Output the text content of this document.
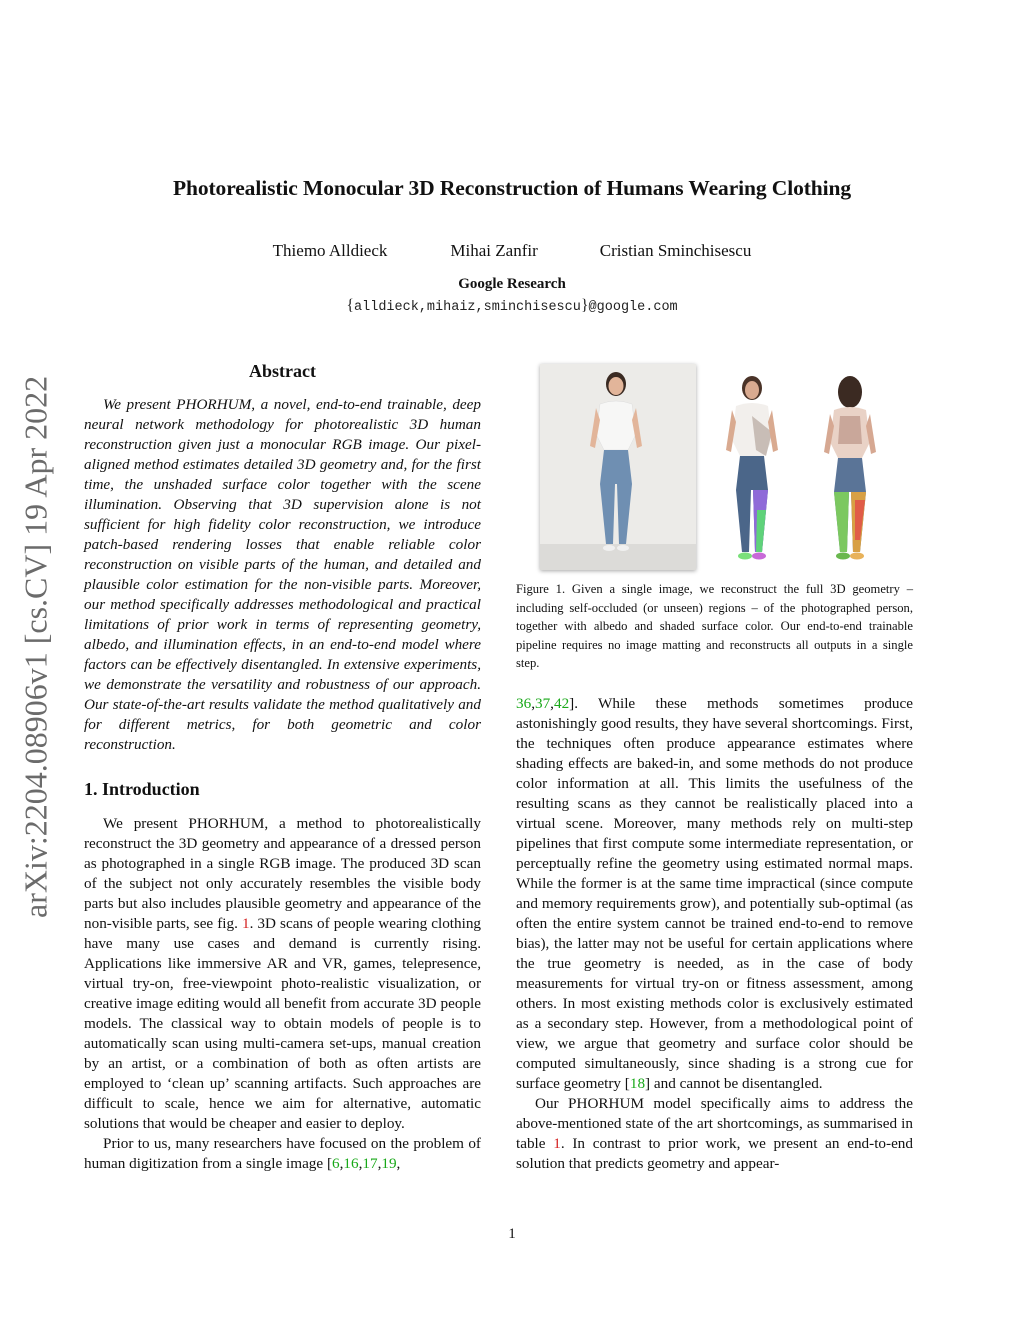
Photorealistic Monocular 3D Reconstruction of Humans Wearing Clothing
Thiemo Alldieck	Mihai Zanfir	Cristian Sminchisescu
Google Research
{alldieck,mihaiz,sminchisescu}@google.com
arXiv:2204.08906v1 [cs.CV] 19 Apr 2022
Abstract

We present PHORHUM, a novel, end-to-end trainable, deep neural network methodology for photorealistic 3D human reconstruction given just a monocular RGB image. Our pixel-aligned method estimates detailed 3D geometry and, for the first time, the unshaded surface color together with the scene illumination. Observing that 3D supervision alone is not sufficient for high fidelity color reconstruction, we introduce patch-based rendering losses that enable reliable color reconstruction on visible parts of the human, and detailed and plausible color estimation for the non-visible parts. Moreover, our method specifically addresses methodological and practical limitations of prior work in terms of representing geometry, albedo, and illumination effects, in an end-to-end model where factors can be effectively disentangled. In extensive experiments, we demonstrate the versatility and robustness of our approach. Our state-of-the-art results validate the method qualitatively and for different metrics, for both geometric and color reconstruction.

1. Introduction

We present PHORHUM, a method to photorealistically reconstruct the 3D geometry and appearance of a dressed person as photographed in a single RGB image. The produced 3D scan of the subject not only accurately resembles the visible body parts but also includes plausible geometry and appearance of the non-visible parts, see fig. 1. 3D scans of people wearing clothing have many use cases and demand is currently rising. Applications like immersive AR and VR, games, telepresence, virtual try-on, free-viewpoint photo-realistic visualization, or creative image editing would all benefit from accurate 3D people models. The classical way to obtain models of people is to automatically scan using multi-camera set-ups, manual creation by an artist, or a combination of both as often artists are employed to ‘clean up’ scanning artifacts. Such approaches are difficult to scale, hence we aim for alternative, automatic solutions that would be cheaper and easier to deploy.

Prior to us, many researchers have focused on the problem of human digitization from a single image [6,16,17,19,

Figure 1. Given a single image, we reconstruct the full 3D geometry – including self-occluded (or unseen) regions – of the photographed person, together with albedo and shaded surface color. Our end-to-end trainable pipeline requires no image matting and reconstructs all outputs in a single step.

36,37,42]. While these methods sometimes produce astonishingly good results, they have several shortcomings. First, the techniques often produce appearance estimates where shading effects are baked-in, and some methods do not produce color information at all. This limits the usefulness of the resulting scans as they cannot be realistically placed into a virtual scene. Moreover, many methods rely on multi-step pipelines that first compute some intermediate representation, or perceptually refine the geometry using estimated normal maps. While the former is at the same time impractical (since compute and memory requirements grow), and potentially sub-optimal (as often the entire system cannot be trained end-to-end to remove bias), the latter may not be useful for certain applications where the true geometry is needed, as in the case of body measurements for virtual try-on or fitness assessment, among others. In most existing methods color is exclusively estimated as a secondary step. However, from a methodological point of view, we argue that geometry and surface color should be computed simultaneously, since shading is a strong cue for surface geometry [18] and cannot be disentangled.

Our PHORHUM model specifically aims to address the above-mentioned state of the art shortcomings, as summarised in table 1. In contrast to prior work, we present an end-to-end solution that predicts geometry and appear-

1
